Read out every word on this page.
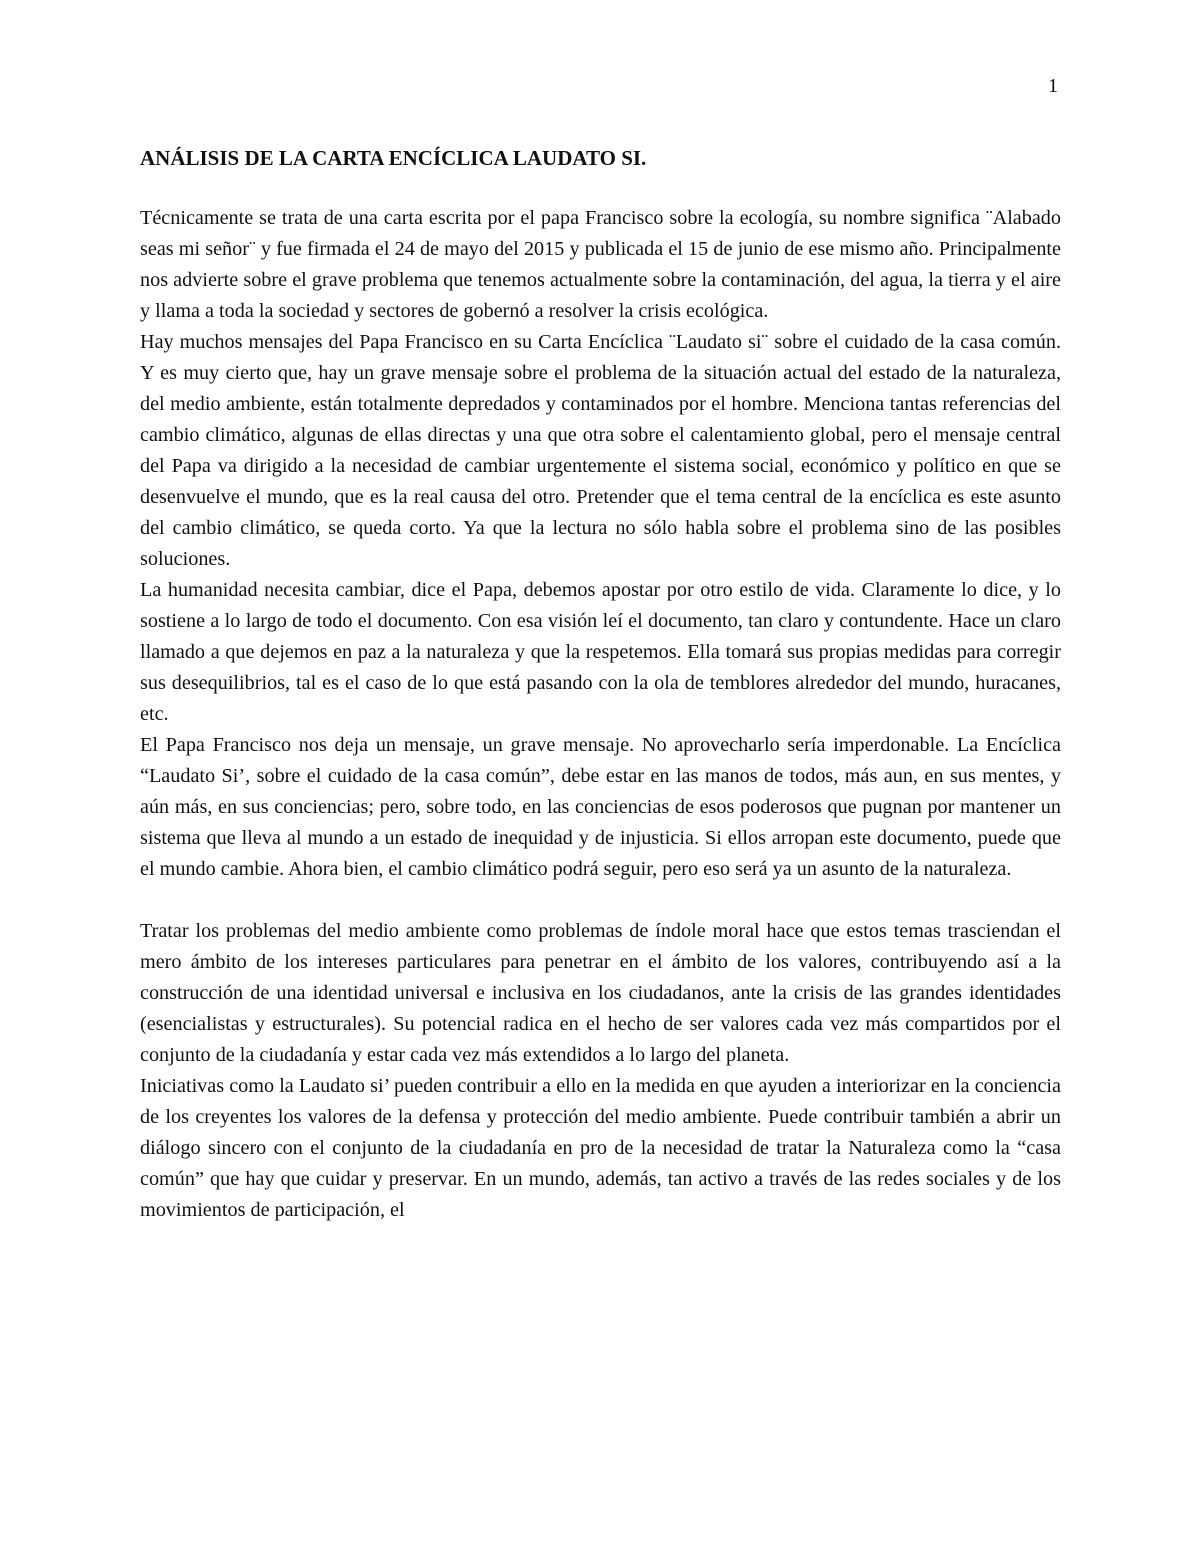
1
ANÁLISIS DE LA CARTA ENCÍCLICA LAUDATO SI.

Técnicamente se trata de una carta escrita por el papa Francisco sobre la ecología, su nombre significa ¨Alabado seas mi señor¨ y fue firmada el 24 de mayo del 2015 y publicada el 15 de junio de ese mismo año. Principalmente nos advierte sobre el grave problema que tenemos actualmente sobre la contaminación, del agua, la tierra y el aire y llama a toda la sociedad y sectores de gobernó a resolver la crisis ecológica.

Hay muchos mensajes del Papa Francisco en su Carta Encíclica ¨Laudato si¨ sobre el cuidado de la casa común. Y es muy cierto que, hay un grave mensaje sobre el problema de la situación actual del estado de la naturaleza, del medio ambiente, están totalmente depredados y contaminados por el hombre. Menciona tantas referencias del cambio climático, algunas de ellas directas y una que otra sobre el calentamiento global, pero el mensaje central del Papa va dirigido a la necesidad de cambiar urgentemente el sistema social, económico y político en que se desenvuelve el mundo, que es la real causa del otro. Pretender que el tema central de la encíclica es este asunto del cambio climático, se queda corto. Ya que la lectura no sólo habla sobre el problema sino de las posibles soluciones.

La humanidad necesita cambiar, dice el Papa, debemos apostar por otro estilo de vida. Claramente lo dice, y lo sostiene a lo largo de todo el documento. Con esa visión leí el documento, tan claro y contundente. Hace un claro llamado a que dejemos en paz a la naturaleza y que la respetemos. Ella tomará sus propias medidas para corregir sus desequilibrios, tal es el caso de lo que está pasando con la ola de temblores alrededor del mundo, huracanes, etc.

El Papa Francisco nos deja un mensaje, un grave mensaje. No aprovecharlo sería imperdonable. La Encíclica “Laudato Si’, sobre el cuidado de la casa común”, debe estar en las manos de todos, más aun, en sus mentes, y aún más, en sus conciencias; pero, sobre todo, en las conciencias de esos poderosos que pugnan por mantener un sistema que lleva al mundo a un estado de inequidad y de injusticia. Si ellos arropan este documento, puede que el mundo cambie. Ahora bien, el cambio climático podrá seguir, pero eso será ya un asunto de la naturaleza.

Tratar los problemas del medio ambiente como problemas de índole moral hace que estos temas trasciendan el mero ámbito de los intereses particulares para penetrar en el ámbito de los valores, contribuyendo así a la construcción de una identidad universal e inclusiva en los ciudadanos, ante la crisis de las grandes identidades (esencialistas y estructurales). Su potencial radica en el hecho de ser valores cada vez más compartidos por el conjunto de la ciudadanía y estar cada vez más extendidos a lo largo del planeta.

Iniciativas como la Laudato si’ pueden contribuir a ello en la medida en que ayuden a interiorizar en la conciencia de los creyentes los valores de la defensa y protección del medio ambiente. Puede contribuir también a abrir un diálogo sincero con el conjunto de la ciudadanía en pro de la necesidad de tratar la Naturaleza como la “casa común” que hay que cuidar y preservar. En un mundo, además, tan activo a través de las redes sociales y de los movimientos de participación, el
